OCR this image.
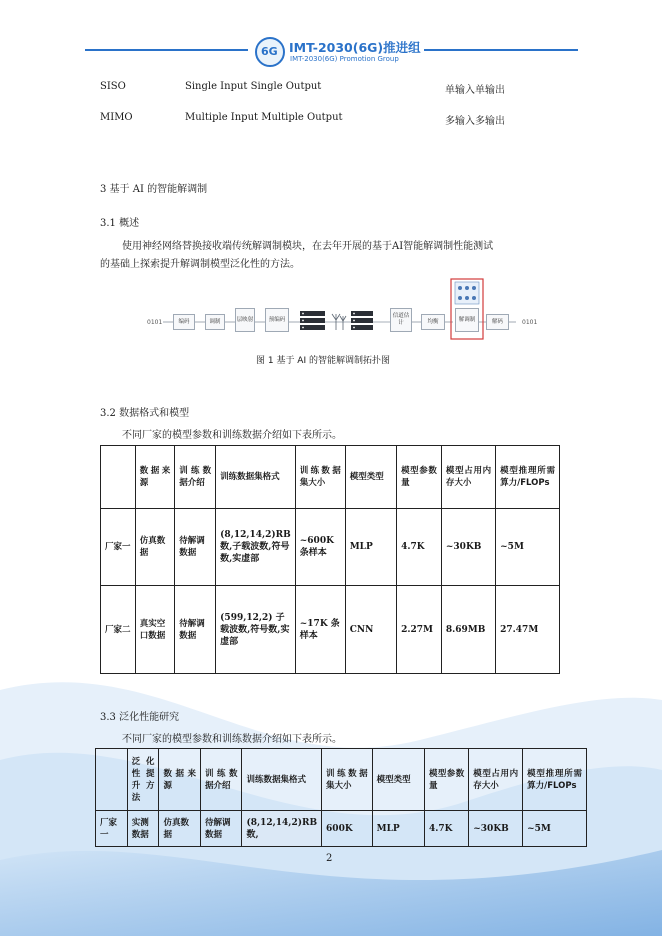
6G IMT-2030(6G)推进组
IMT-2030(6G) Promotion Group
SISO	Single Input Single Output	单输入单输出
MIMO	Multiple Input Multiple Output	多输入多输出
3 基于 AI 的智能解调制
3.1 概述
使用神经网络替换接收端传统解调制模块，在去年开展的基于AI智能解调制性能测试
的基础上探索提升解调制模型泛化性的方法。
0101	0101
编码	调制	层映射	预编码
信道估计	均衡	解调制	解码
图 1 基于 AI 的智能解调制拓扑图
3.2 数据格式和模型
不同厂家的模型参数和训练数据介绍如下表所示。
	数据来源	训练数据介绍	训练数据集格式	训练数据集大小	模型类型	模型参数量	模型占用内存大小	模型推理所需算力/FLOPs
厂家一	仿真数据	待解调数据	(8,12,14,2)RB数,子载波数,符号数,实虚部	~600K 条样本	MLP	4.7K	~30KB	~5M
厂家二	真实空口数据	待解调数据	(599,12,2) 子载波数,符号数,实虚部	~17K 条样本	CNN	2.27M	8.69MB	27.47M
3.3 泛化性能研究
不同厂家的模型参数和训练数据介绍如下表所示。
	泛化性提升方法	数据来源	训练数据介绍	训练数据集格式	训练数据集大小	模型类型	模型参数量	模型占用内存大小	模型推理所需算力/FLOPs
厂家一	实测数据	仿真数据	待解调数据	(8,12,14,2)RB数,	600K	MLP	4.7K	~30KB	~5M
2
